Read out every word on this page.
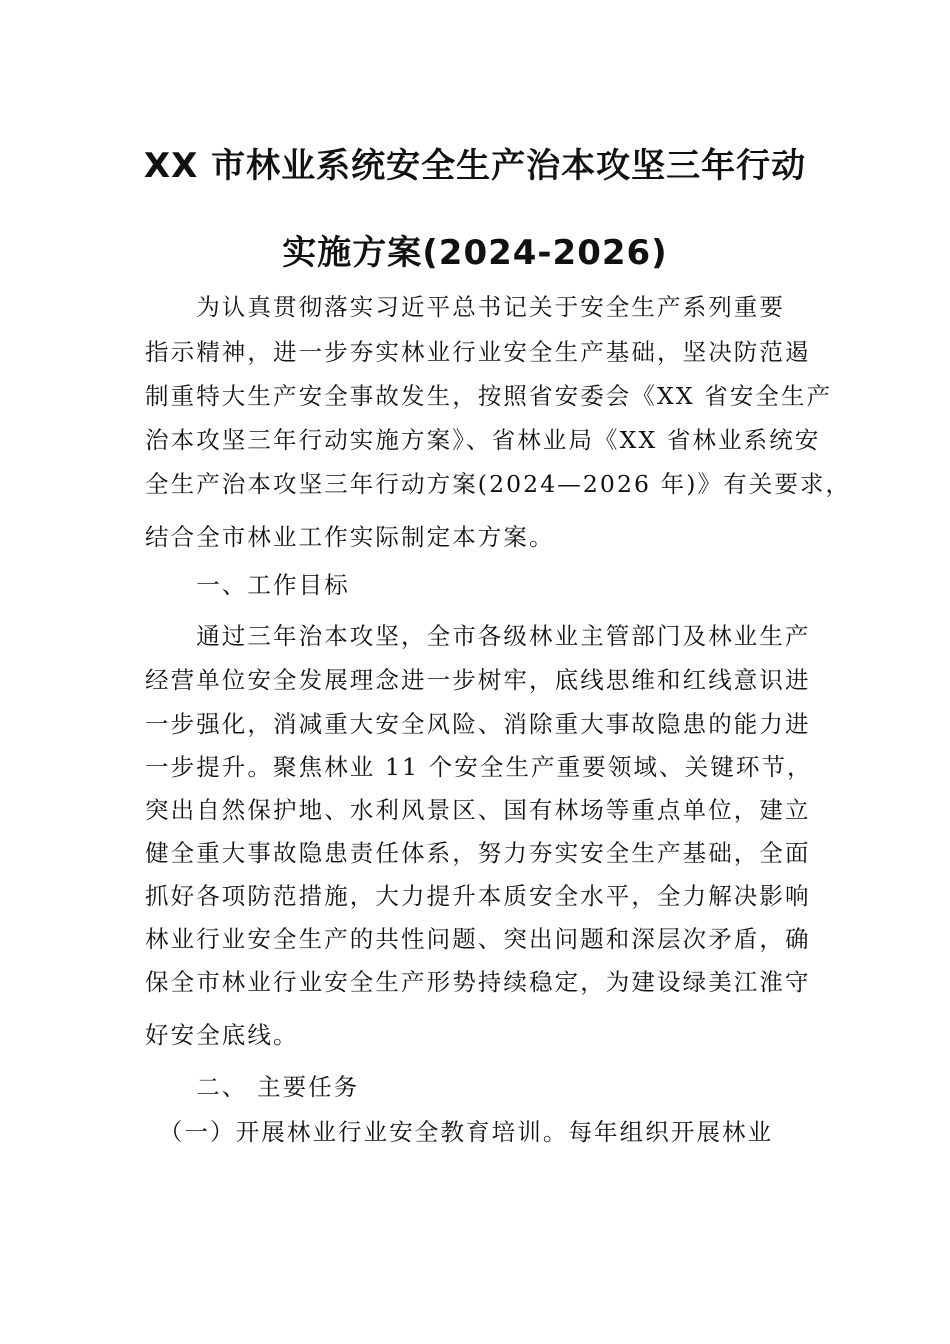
XX 市林业系统安全生产治本攻坚三年行动
实施方案(2024-2026)
　　为认真贯彻落实习近平总书记关于安全生产系列重要
指示精神，进一步夯实林业行业安全生产基础，坚决防范遏
制重特大生产安全事故发生，按照省安委会《XX 省安全生产
治本攻坚三年行动实施方案》、省林业局《XX 省林业系统安
全生产治本攻坚三年行动方案(2024—2026 年)》有关要求，
结合全市林业工作实际制定本方案。
　　一、工作目标
　　通过三年治本攻坚，全市各级林业主管部门及林业生产
经营单位安全发展理念进一步树牢，底线思维和红线意识进
一步强化，消减重大安全风险、消除重大事故隐患的能力进
一步提升。聚焦林业 11 个安全生产重要领域、关键环节，
突出自然保护地、水利风景区、国有林场等重点单位，建立
健全重大事故隐患责任体系，努力夯实安全生产基础，全面
抓好各项防范措施，大力提升本质安全水平，全力解决影响
林业行业安全生产的共性问题、突出问题和深层次矛盾，确
保全市林业行业安全生产形势持续稳定，为建设绿美江淮守
好安全底线。
　　二、 主要任务
　（一）开展林业行业安全教育培训。每年组织开展林业
